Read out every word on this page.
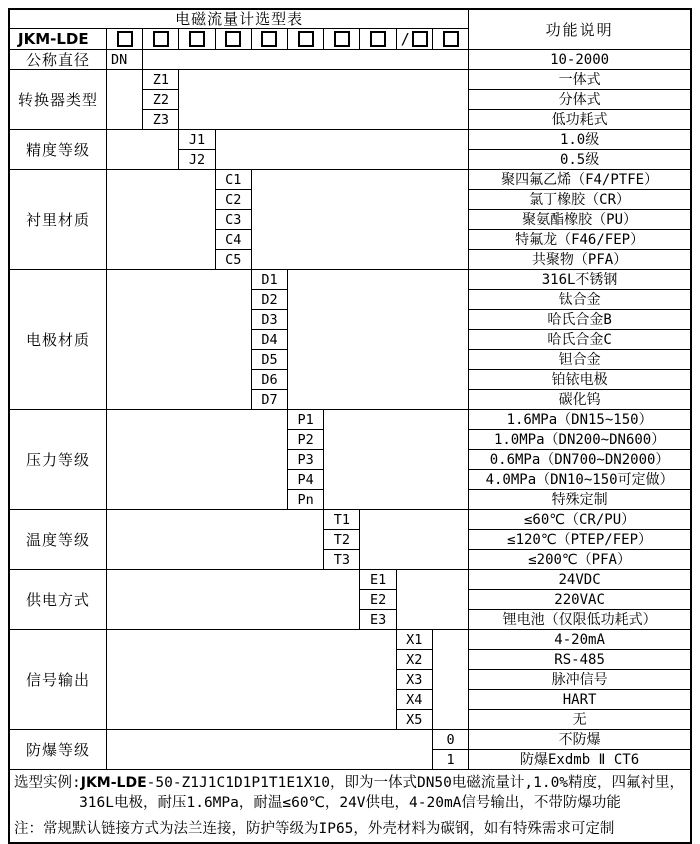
电磁流量计选型表											功能说明
JKM-LDE									/		
公称直径	DN										10-2000
转换器类型		Z1									一体式
		Z2									分体式
		Z3									低功耗式
精度等级			J1								1.0级
			J2								0.5级
衬里材质				C1							聚四氟乙烯（F4/PTFE）
				C2							氯丁橡胶（CR）
				C3							聚氨酯橡胶（PU）
				C4							特氟龙（F46/FEP）
				C5							共聚物（PFA）
电极材质					D1						316L不锈钢
					D2						钛合金
					D3						哈氏合金B
					D4						哈氏合金C
					D5						钽合金
					D6						铂铱电极
					D7						碳化钨
压力等级						P1					1.6MPa（DN15~150）
						P2					1.0MPa（DN200~DN600）
						P3					0.6MPa（DN700~DN2000）
						P4					4.0MPa（DN10~150可定做）
						Pn					特殊定制
温度等级							T1				≤60℃（CR/PU）
							T2				≤120℃（PTEP/FEP）
							T3				≤200℃（PFA）
供电方式								E1			24VDC
								E2			220VAC
								E3			锂电池（仅限低功耗式）
信号输出									X1		4-20mA
									X2		RS-485
									X3		脉冲信号
									X4		HART
									X5		无
防爆等级										0	不防爆
										1	防爆Exdmb Ⅱ CT6

选型实例:JKM-LDE-50-Z1J1C1D1P1T1E1X10，即为一体式DN50电磁流量计,1.0%精度，四氟衬里，
316L电极，耐压1.6MPa，耐温≤60℃，24V供电，4-20mA信号输出，不带防爆功能
注：常规默认链接方式为法兰连接，防护等级为IP65，外壳材料为碳钢，如有特殊需求可定制											
